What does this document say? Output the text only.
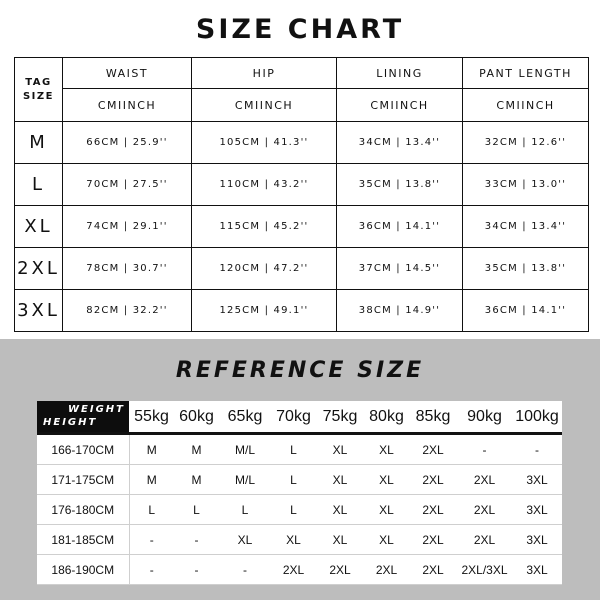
SIZE CHART
TAG
SIZE	WAIST	HIP	LINING	PANT LENGTH
	CMIINCH	CMIINCH	CMIINCH	CMIINCH
M	66CM | 25.9''	105CM | 41.3''	34CM | 13.4''	32CM | 12.6''
L	70CM | 27.5''	110CM | 43.2''	35CM | 13.8''	33CM | 13.0''
XL	74CM | 29.1''	115CM | 45.2''	36CM | 14.1''	34CM | 13.4''
2XL	78CM | 30.7''	120CM | 47.2''	37CM | 14.5''	35CM | 13.8''
3XL	82CM | 32.2''	125CM | 49.1''	38CM | 14.9''	36CM | 14.1''
REFERENCE SIZE
WEIGHT
HEIGHT	55kg	60kg	65kg	70kg	75kg	80kg	85kg	90kg	100kg
166-170CM	M	M	M/L	L	XL	XL	2XL	-	-
171-175CM	M	M	M/L	L	XL	XL	2XL	2XL	3XL
176-180CM	L	L	L	L	XL	XL	2XL	2XL	3XL
181-185CM	-	-	XL	XL	XL	XL	2XL	2XL	3XL
186-190CM	-	-	-	2XL	2XL	2XL	2XL	2XL/3XL	3XL
